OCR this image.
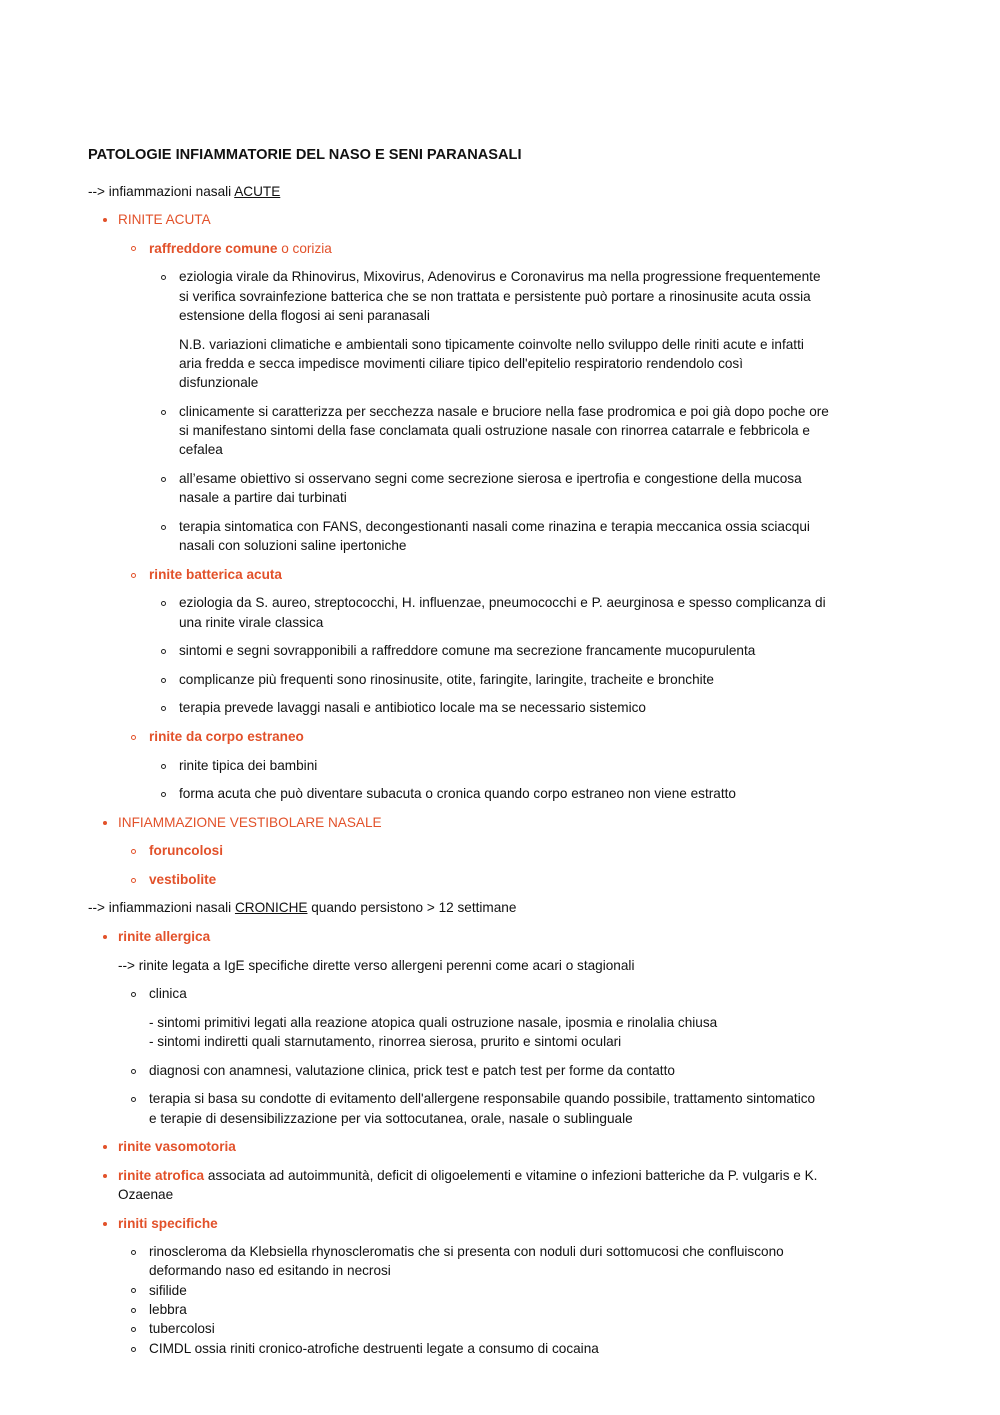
PATOLOGIE INFIAMMATORIE DEL NASO E SENI PARANASALI
--> infiammazioni nasali ACUTE
RINITE ACUTA
raffreddore comune o corizia
eziologia virale da Rhinovirus, Mixovirus, Adenovirus e Coronavirus ma nella progressione frequentemente
si verifica sovrainfezione batterica che se non trattata e persistente può portare a rinosinusite acuta ossia
estensione della flogosi ai seni paranasali
N.B. variazioni climatiche e ambientali sono tipicamente coinvolte nello sviluppo delle riniti acute e infatti
aria fredda e secca impedisce movimenti ciliare tipico dell'epitelio respiratorio rendendolo così
disfunzionale
clinicamente si caratterizza per secchezza nasale e bruciore nella fase prodromica e poi già dopo poche ore
si manifestano sintomi della fase conclamata quali ostruzione nasale con rinorrea catarrale e febbricola e
cefalea
all’esame obiettivo si osservano segni come secrezione sierosa e ipertrofia e congestione della mucosa
nasale a partire dai turbinati
terapia sintomatica con FANS, decongestionanti nasali come rinazina e terapia meccanica ossia sciacqui
nasali con soluzioni saline ipertoniche
rinite batterica acuta
eziologia da S. aureo, streptococchi, H. influenzae, pneumococchi e P. aeurginosa e spesso complicanza di
una rinite virale classica
sintomi e segni sovrapponibili a raffreddore comune ma secrezione francamente mucopurulenta
complicanze più frequenti sono rinosinusite, otite, faringite, laringite, tracheite e bronchite
terapia prevede lavaggi nasali e antibiotico locale ma se necessario sistemico
rinite da corpo estraneo
rinite tipica dei bambini
forma acuta che può diventare subacuta o cronica quando corpo estraneo non viene estratto
INFIAMMAZIONE VESTIBOLARE NASALE
foruncolosi
vestibolite
--> infiammazioni nasali CRONICHE quando persistono > 12 settimane
rinite allergica
--> rinite legata a IgE specifiche dirette verso allergeni perenni come acari o stagionali
clinica
- sintomi primitivi legati alla reazione atopica quali ostruzione nasale, iposmia e rinolalia chiusa
- sintomi indiretti quali starnutamento, rinorrea sierosa, prurito e sintomi oculari
diagnosi con anamnesi, valutazione clinica, prick test e patch test per forme da contatto
terapia si basa su condotte di evitamento dell'allergene responsabile quando possibile, trattamento sintomatico
e terapie di desensibilizzazione per via sottocutanea, orale, nasale o sublinguale
rinite vasomotoria
rinite atrofica associata ad autoimmunità, deficit di oligoelementi e vitamine o infezioni batteriche da P. vulgaris e K.
Ozaenae
riniti specifiche
rinoscleroma da Klebsiella rhynoscleromatis che si presenta con noduli duri sottomucosi che confluiscono
deformando naso ed esitando in necrosi
sifilide
lebbra
tubercolosi
CIMDL ossia riniti cronico-atrofiche destruenti legate a consumo di cocaina
